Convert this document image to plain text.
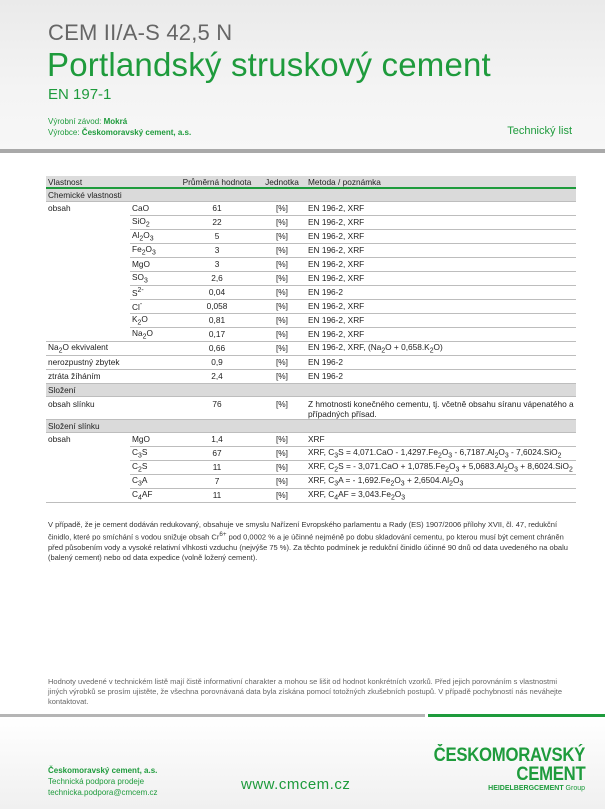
CEM II/A-S 42,5 N
Portlandský struskový cement
EN 197-1
Výrobní závod: Mokrá
Výrobce: Českomoravský cement, a.s.	Technický list
Vlastnost		Průměrná hodnota	Jednotka	Metoda / poznámka
Chemické vlastnosti				
obsah	CaO	61	[%]	EN 196-2, XRF
	SiO$_2$	22	[%]	EN 196-2, XRF
	$Al_2O_3$	5	[%]	EN 196-2, XRF
	$Fe_2O_3$	3	[%]	EN 196-2, XRF
	MgO	3	[%]	EN 196-2, XRF
	$SO_3$	2,6	[%]	EN 196-2, XRF
	$S^{2-}$	0,04	[%]	EN 196-2
	Cl-	0,058	[%]	EN 196-2, XRF
	$K_2O$	0,81	[%]	EN 196-2, XRF
	$Na_2O$	0,17	[%]	EN 196-2, XRF
$Na_2O$ ekvivalent		0,66	[%]	EN 196-2, XRF, $(Na_2O + 0,658.K_2O)$
nerozpustný zbytek		0,9	[%]	EN 196-2
ztráta žíháním		2,4	[%]	EN 196-2
Složení				
obsah slínku		76	[%]	Z hmotnosti konečného cementu, tj. včetně obsahu síranu vápenatého a případných přísad.
Složení slínku				
obsah	MgO	1,4	[%]	XRF
	$C_3S$	67	[%]	XRF, $C_3S = 4,071.CaO - 1,4297.Fe_2O_3 - 6,7187.Al_2O_3 - 7,6024.SiO_2$
	$C_2S$	11	[%]	XRF, $C_2S$ = - $3,071.CaO + 1,0785.Fe_2O_3 + 5,0683.Al_2O_3 + 8,6024.SiO_2$
	$C_3A$	7	[%]	XRF, $C_3A$ = - $1,692.Fe_2O_3 + 2,6504.Al_2O_3$
	$C_4AF$	11	[%]	XRF, $C_4AF = 3,043.Fe_2O_3$
V případě, že je cement dodáván redukovaný, obsahuje ve smyslu Nařízení Evropského parlamentu a Rady (ES) 1907/2006 přílohy XVII, čl. 47, redukční činidlo, které po smíchání s vodou snižuje obsah $Cr^{6+}$ pod 0,0002 % a je účinné nejméně po dobu skladování cementu, po kterou musí být cement chráněn před působením vody a vysoké relativní vlhkosti vzduchu (nejvýše 75 %). Za těchto podmínek je redukční činidlo účinné 90 dnů od data uvedeného na obalu (balený cement) nebo od data expedice (volně ložený cement).
Hodnoty uvedené v technickém listě mají čistě informativní charakter a mohou se lišit od hodnot konkrétních vzorků. Před jejich porovnáním s vlastnostmi jiných výrobků se prosím ujistěte, že všechna porovnávaná data byla získána pomocí totožných zkušebních postupů. V případě pochybností nás neváhejte kontaktovat.
Českomoravský cement, a.s.
Technická podpora prodeje
technicka.podpora@cmcem.cz	www.cmcem.cz
ČESKOMORAVSKÝ
CEMENT
HEIDELBERGCEMENT Group
